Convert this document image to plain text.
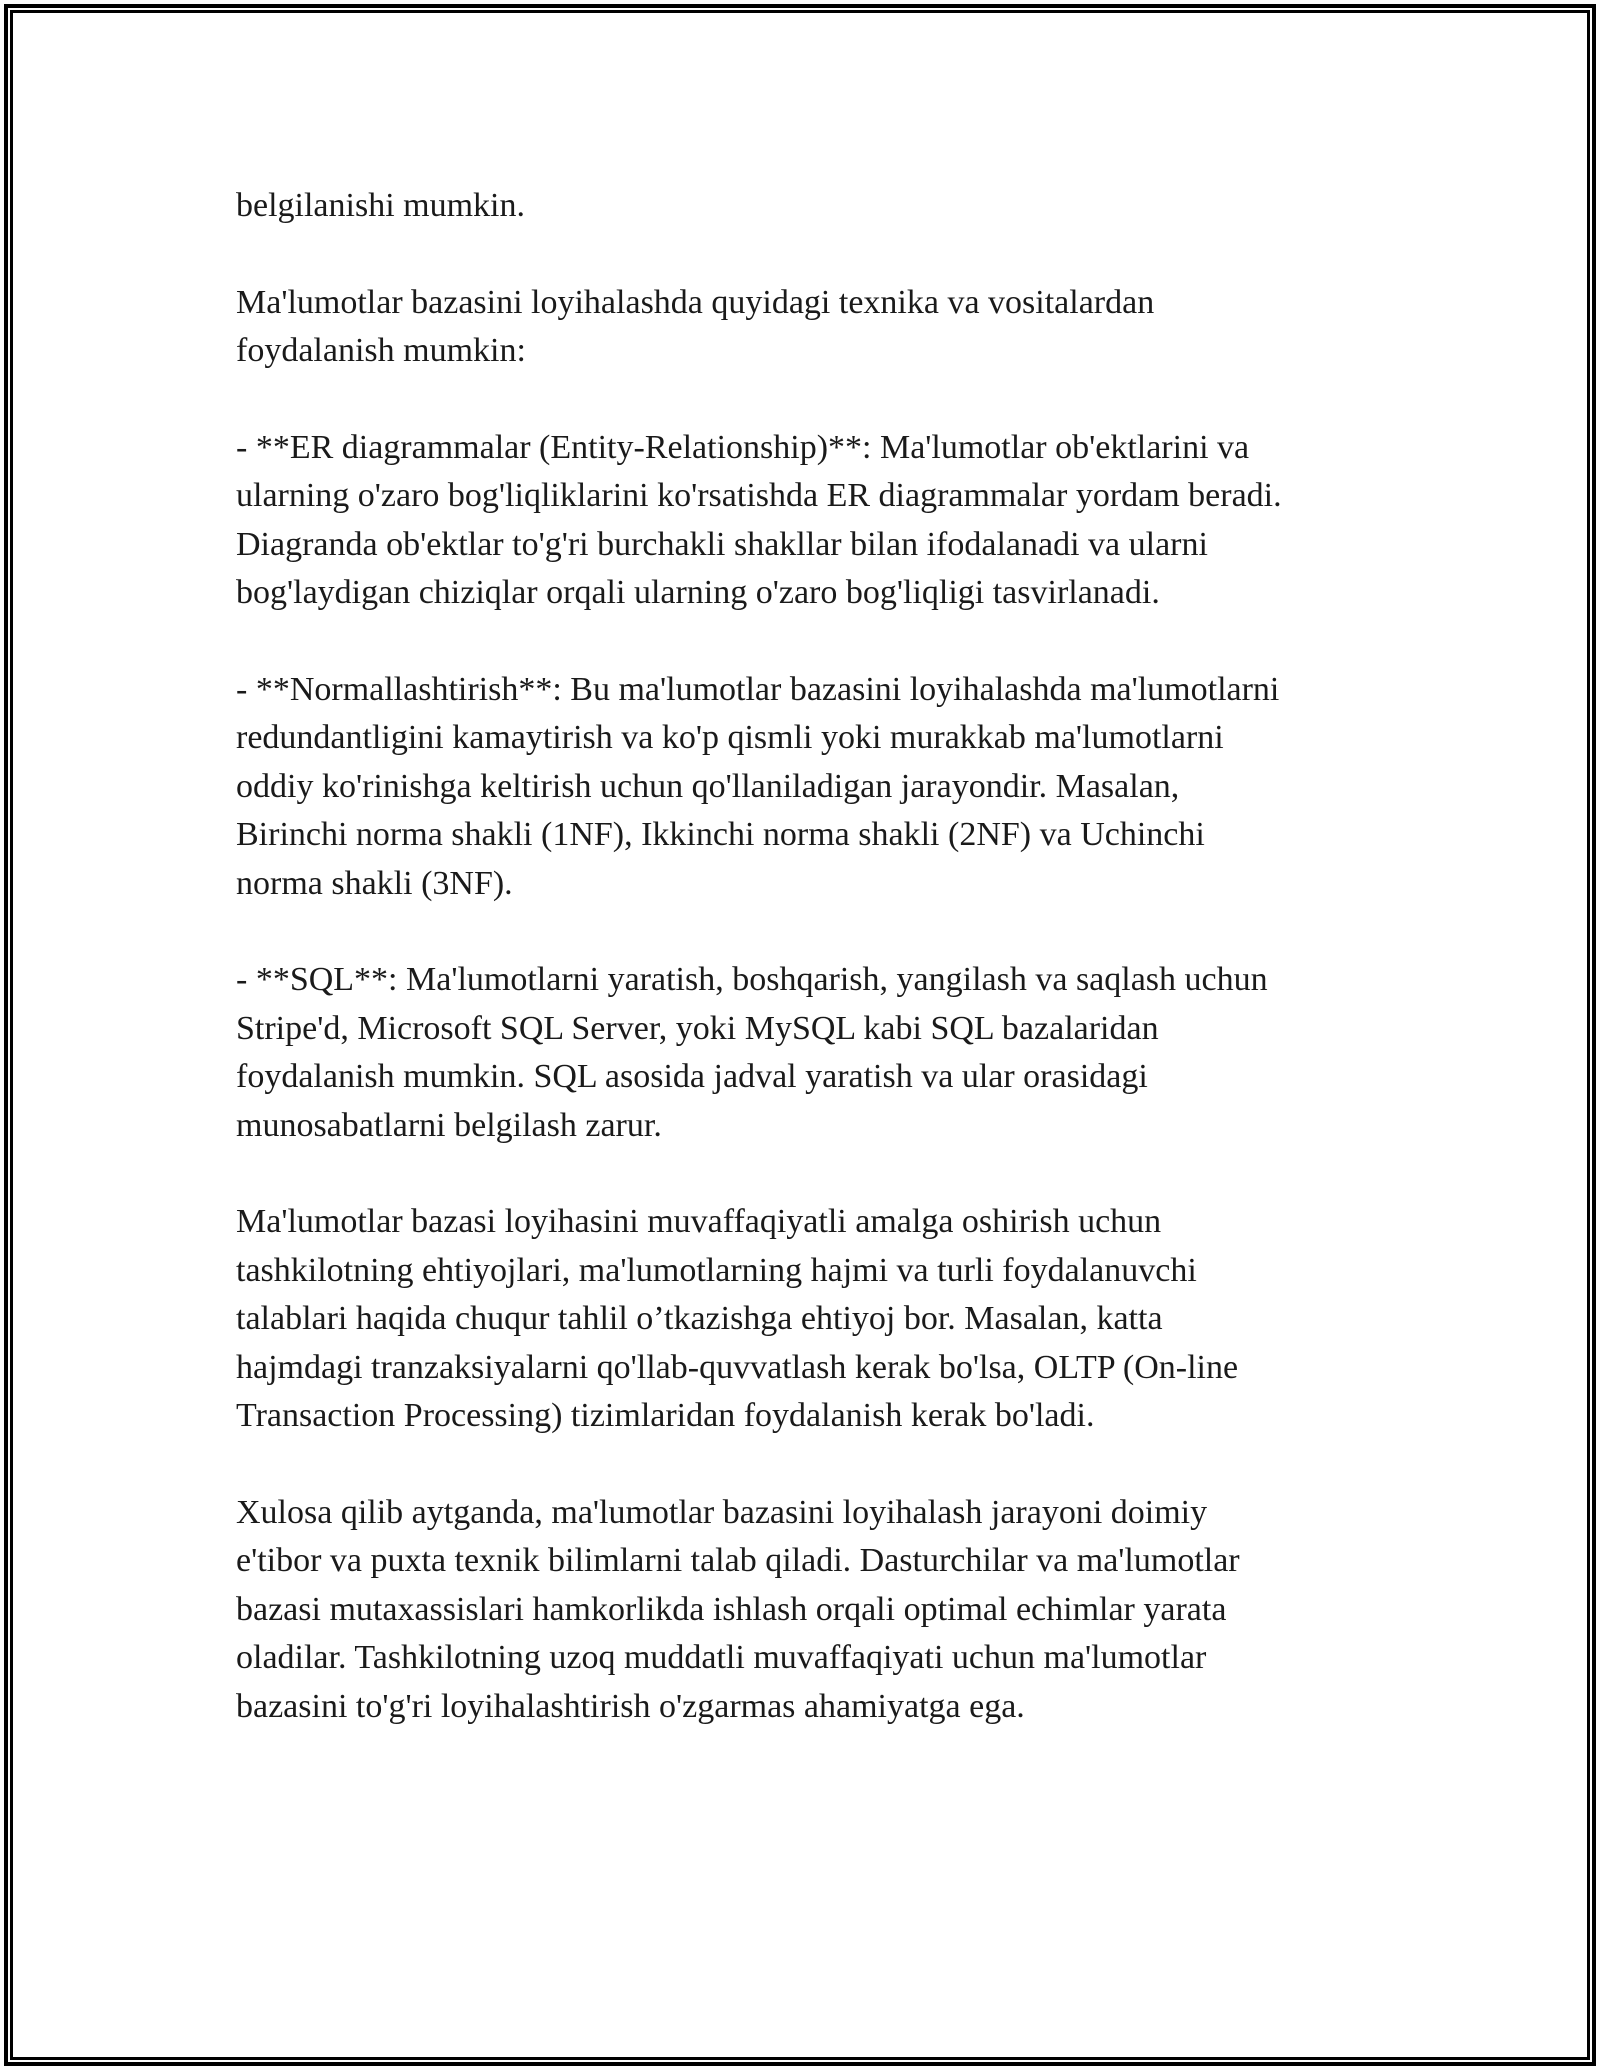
belgilanishi mumkin.

Ma'lumotlar bazasini loyihalashda quyidagi texnika va vositalardan
foydalanish mumkin:

- **ER diagrammalar (Entity-Relationship)**: Ma'lumotlar ob'ektlarini va
ularning o'zaro bog'liqliklarini ko'rsatishda ER diagrammalar yordam beradi.
Diagranda ob'ektlar to'g'ri burchakli shakllar bilan ifodalanadi va ularni
bog'laydigan chiziqlar orqali ularning o'zaro bog'liqligi tasvirlanadi.

- **Normallashtirish**: Bu ma'lumotlar bazasini loyihalashda ma'lumotlarni
redundantligini kamaytirish va ko'p qismli yoki murakkab ma'lumotlarni
oddiy ko'rinishga keltirish uchun qo'llaniladigan jarayondir. Masalan,
Birinchi norma shakli (1NF), Ikkinchi norma shakli (2NF) va Uchinchi
norma shakli (3NF).

- **SQL**: Ma'lumotlarni yaratish, boshqarish, yangilash va saqlash uchun
Stripe'd, Microsoft SQL Server, yoki MySQL kabi SQL bazalaridan
foydalanish mumkin. SQL asosida jadval yaratish va ular orasidagi
munosabatlarni belgilash zarur.

Ma'lumotlar bazasi loyihasini muvaffaqiyatli amalga oshirish uchun
tashkilotning ehtiyojlari, ma'lumotlarning hajmi va turli foydalanuvchi
talablari haqida chuqur tahlil o’tkazishga ehtiyoj bor. Masalan, katta
hajmdagi tranzaksiyalarni qo'llab-quvvatlash kerak bo'lsa, OLTP (On-line
Transaction Processing) tizimlaridan foydalanish kerak bo'ladi.

Xulosa qilib aytganda, ma'lumotlar bazasini loyihalash jarayoni doimiy
e'tibor va puxta texnik bilimlarni talab qiladi. Dasturchilar va ma'lumotlar
bazasi mutaxassislari hamkorlikda ishlash orqali optimal echimlar yarata
oladilar. Tashkilotning uzoq muddatli muvaffaqiyati uchun ma'lumotlar
bazasini to'g'ri loyihalashtirish o'zgarmas ahamiyatga ega.
